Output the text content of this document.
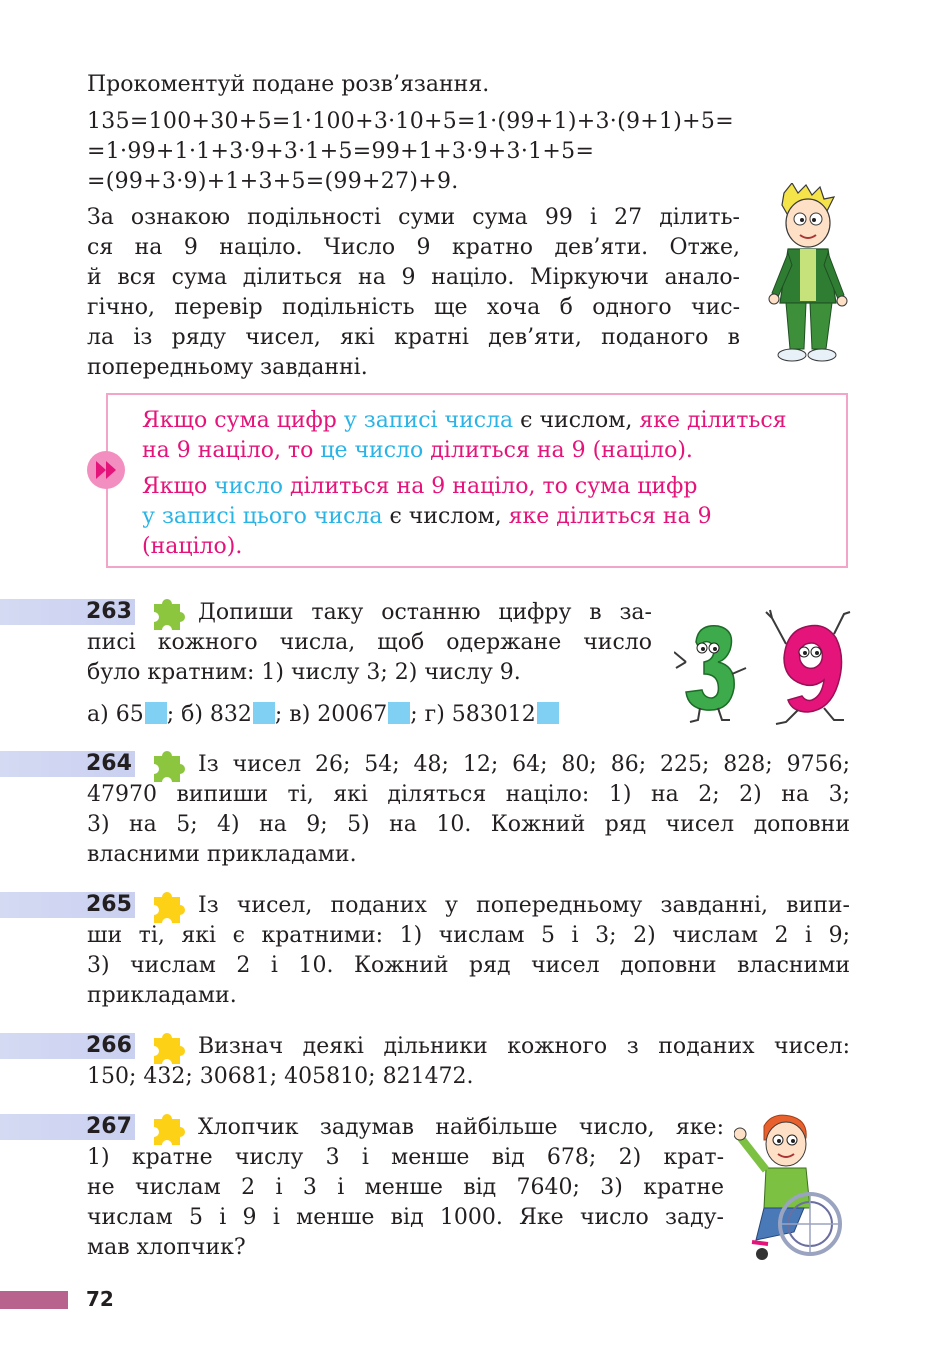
Прокоментуй подане розв’язання.
135=100+30+5=1·100+3·10+5=1·(99+1)+3·(9+1)+5=
=1·99+1·1+3·9+3·1+5=99+1+3·9+3·1+5=
=(99+3·9)+1+3+5=(99+27)+9.
За ознакою подільності суми сума 99 і 27 ділить-
ся на 9 націло. Число 9 кратно дев’яти. Отже,
й вся сума ділиться на 9 націло. Міркуючи анало-
гічно, перевір подільність ще хоча б одного чис-
ла із ряду чисел, які кратні дев’яти, поданого в
попередньому завданні.
Якщо сума цифр у записі числа є числом, яке ділиться
на 9 націло, то це число ділиться на 9 (націло).
Якщо число ділиться на 9 націло, то сума цифр
у записі цього числа є числом, яке ділиться на 9
(націло).
263	Допиши таку останню цифру в за-
писі кожного числа, щоб одержане число
було кратним: 1) числу 3; 2) числу 9.
а) 65 ; б) 832 ; в) 20067 ; г) 583012
264	Із чисел 26; 54; 48; 12; 64; 80; 86; 225; 828; 9756;
47970 випиши ті, які діляться націло: 1) на 2; 2) на 3;
3) на 5; 4) на 9; 5) на 10. Кожний ряд чисел доповни
власними прикладами.
265	Із чисел, поданих у попередньому завданні, випи-
ши ті, які є кратними: 1) числам 5 і 3; 2) числам 2 і 9;
3) числам 2 і 10. Кожний ряд чисел доповни власними
прикладами.
266	Визнач деякі дільники кожного з поданих чисел:
150; 432; 30681; 405810; 821472.
267	Хлопчик задумав найбільше число, яке:
1) кратне числу 3 і менше від 678; 2) крат-
не числам 2 і 3 і менше від 7640; 3) кратне
числам 5 і 9 і менше від 1000. Яке число заду-
мав хлопчик?
72
